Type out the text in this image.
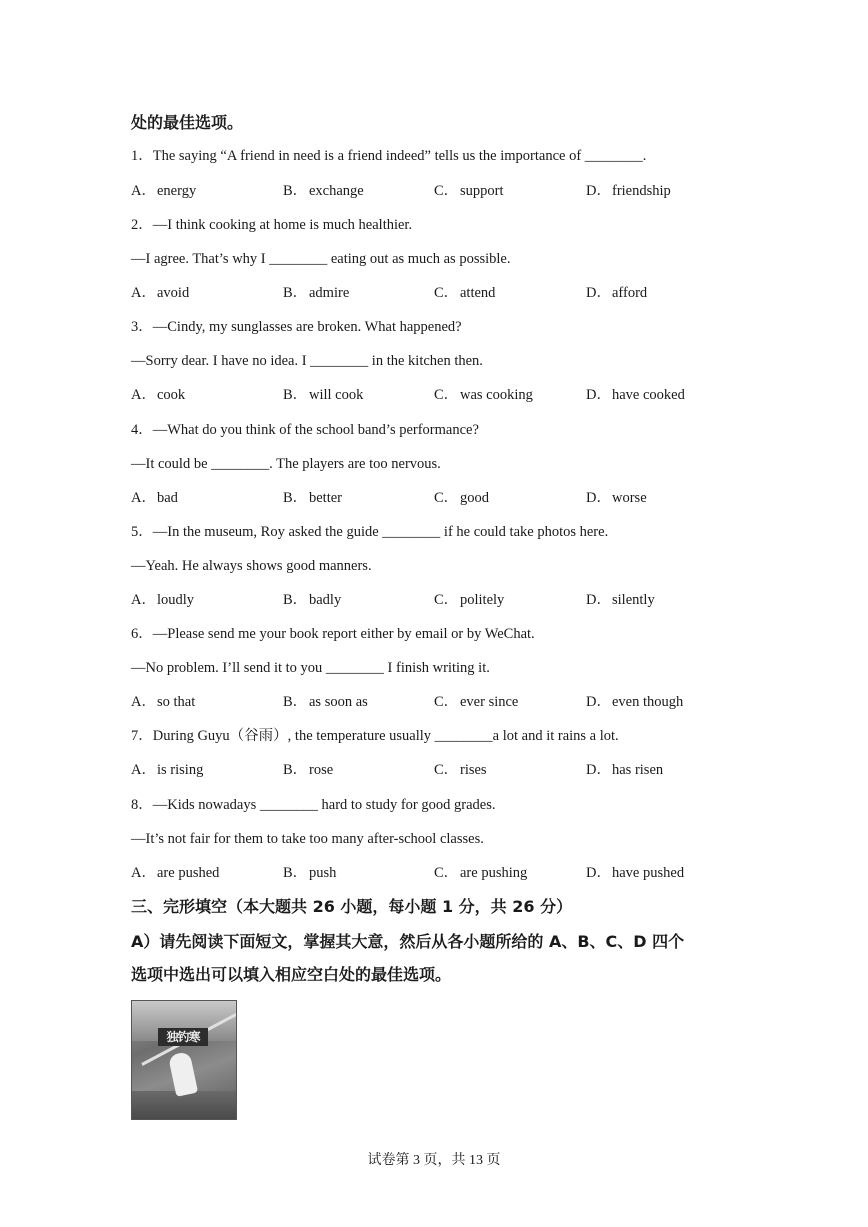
处的最佳选项。
1．The saying “A friend in need is a friend indeed” tells us the importance of ________.
A．energy	B． exchange	C． support	D．friendship
2．—I think cooking at home is much healthier.
—I agree. That’s why I ________ eating out as much as possible.
A．avoid	B． admire	C． attend	D．afford
3．—Cindy, my sunglasses are broken. What happened?
—Sorry dear. I have no idea. I ________ in the kitchen then.
A．cook	B． will cook	C． was cooking	D．have cooked
4．—What do you think of the school band’s performance?
—It could be ________. The players are too nervous.
A．bad	B． better	C． good	D．worse
5．—In the museum, Roy asked the guide ________ if he could take photos here.
—Yeah. He always shows good manners.
A．loudly	B． badly	C． politely	D．silently
6．—Please send me your book report either by email or by WeChat.
—No problem. I’ll send it to you ________ I finish writing it.
A．so that	B． as soon as	C． ever since	D．even though
7．During Guyu（谷雨）, the temperature usually ________a lot and it rains a lot.
A．is rising	B． rose	C． rises	D．has risen
8．—Kids nowadays ________ hard to study for good grades.
—It’s not fair for them to take too many after-school classes.
A．are pushed	B． push	C． are pushing	D．have pushed
三、完形填空（本大题共 26 小题，每小题 1 分，共 26 分）
A）请先阅读下面短文，掌握其大意，然后从各小题所给的 A、B、C、D 四个
选项中选出可以填入相应空白处的最佳选项。
独钓寒
试卷第 3 页，共 13 页
